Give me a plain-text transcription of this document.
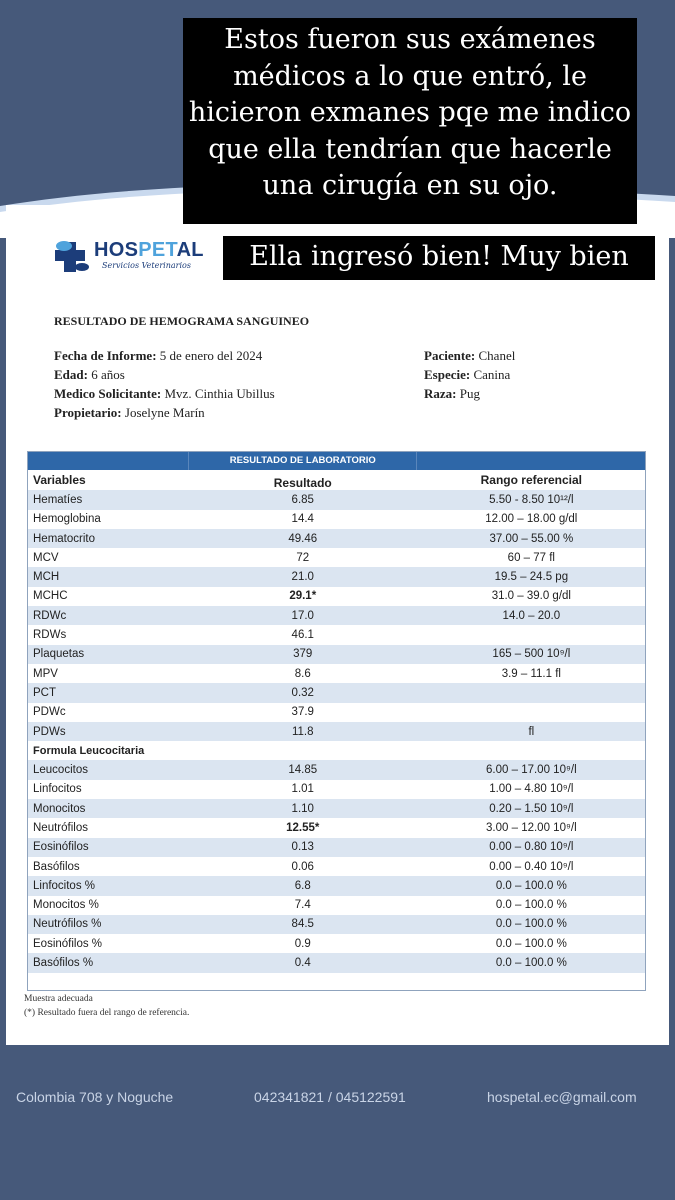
HOSPETAL
Servicios Veterinarios
Estos fueron sus exámenes médicos a lo que entró, le hicieron exmanes pqe me indico que ella tendrían que hacerle una cirugía en su ojo.
Ella ingresó bien! Muy bien
RESULTADO DE HEMOGRAMA SANGUINEO
Fecha de Informe: 5 de enero del 2024
Edad: 6 años
Medico Solicitante: Mvz. Cinthia Ubillus
Propietario: Joselyne Marín
Paciente: Chanel
Especie: Canina
Raza: Pug
	RESULTADO DE LABORATORIO	
Variables	Resultado	Rango referencial
Hematíes	6.85	5.50 - 8.50 10¹²/l
Hemoglobina	14.4	12.00 – 18.00 g/dl
Hematocrito	49.46	37.00 – 55.00 %
MCV	72	60 – 77 fl
MCH	21.0	19.5 – 24.5 pg
MCHC	29.1*	31.0 – 39.0 g/dl
RDWc	17.0	14.0 – 20.0
RDWs	46.1	
Plaquetas	379	165 – 500 10⁹/l
MPV	8.6	3.9 – 11.1 fl
PCT	0.32	
PDWc	37.9	
PDWs	11.8	fl
Formula Leucocitaria		
Leucocitos	14.85	6.00 – 17.00 10⁹/l
Linfocitos	1.01	1.00 – 4.80 10⁹/l
Monocitos	1.10	0.20 – 1.50 10⁹/l
Neutrófilos	12.55*	3.00 – 12.00 10⁹/l
Eosinófilos	0.13	0.00 – 0.80 10⁹/l
Basófilos	0.06	0.00 – 0.40 10⁹/l
Linfocitos %	6.8	0.0 – 100.0 %
Monocitos %	7.4	0.0 – 100.0 %
Neutrófilos %	84.5	0.0 – 100.0 %
Eosinófilos %	0.9	0.0 – 100.0 %
Basófilos %	0.4	0.0 – 100.0 %
Muestra adecuada
(*) Resultado fuera del rango de referencia.
Colombia 708 y Noguche	042341821 / 045122591	hospetal.ec@gmail.com
